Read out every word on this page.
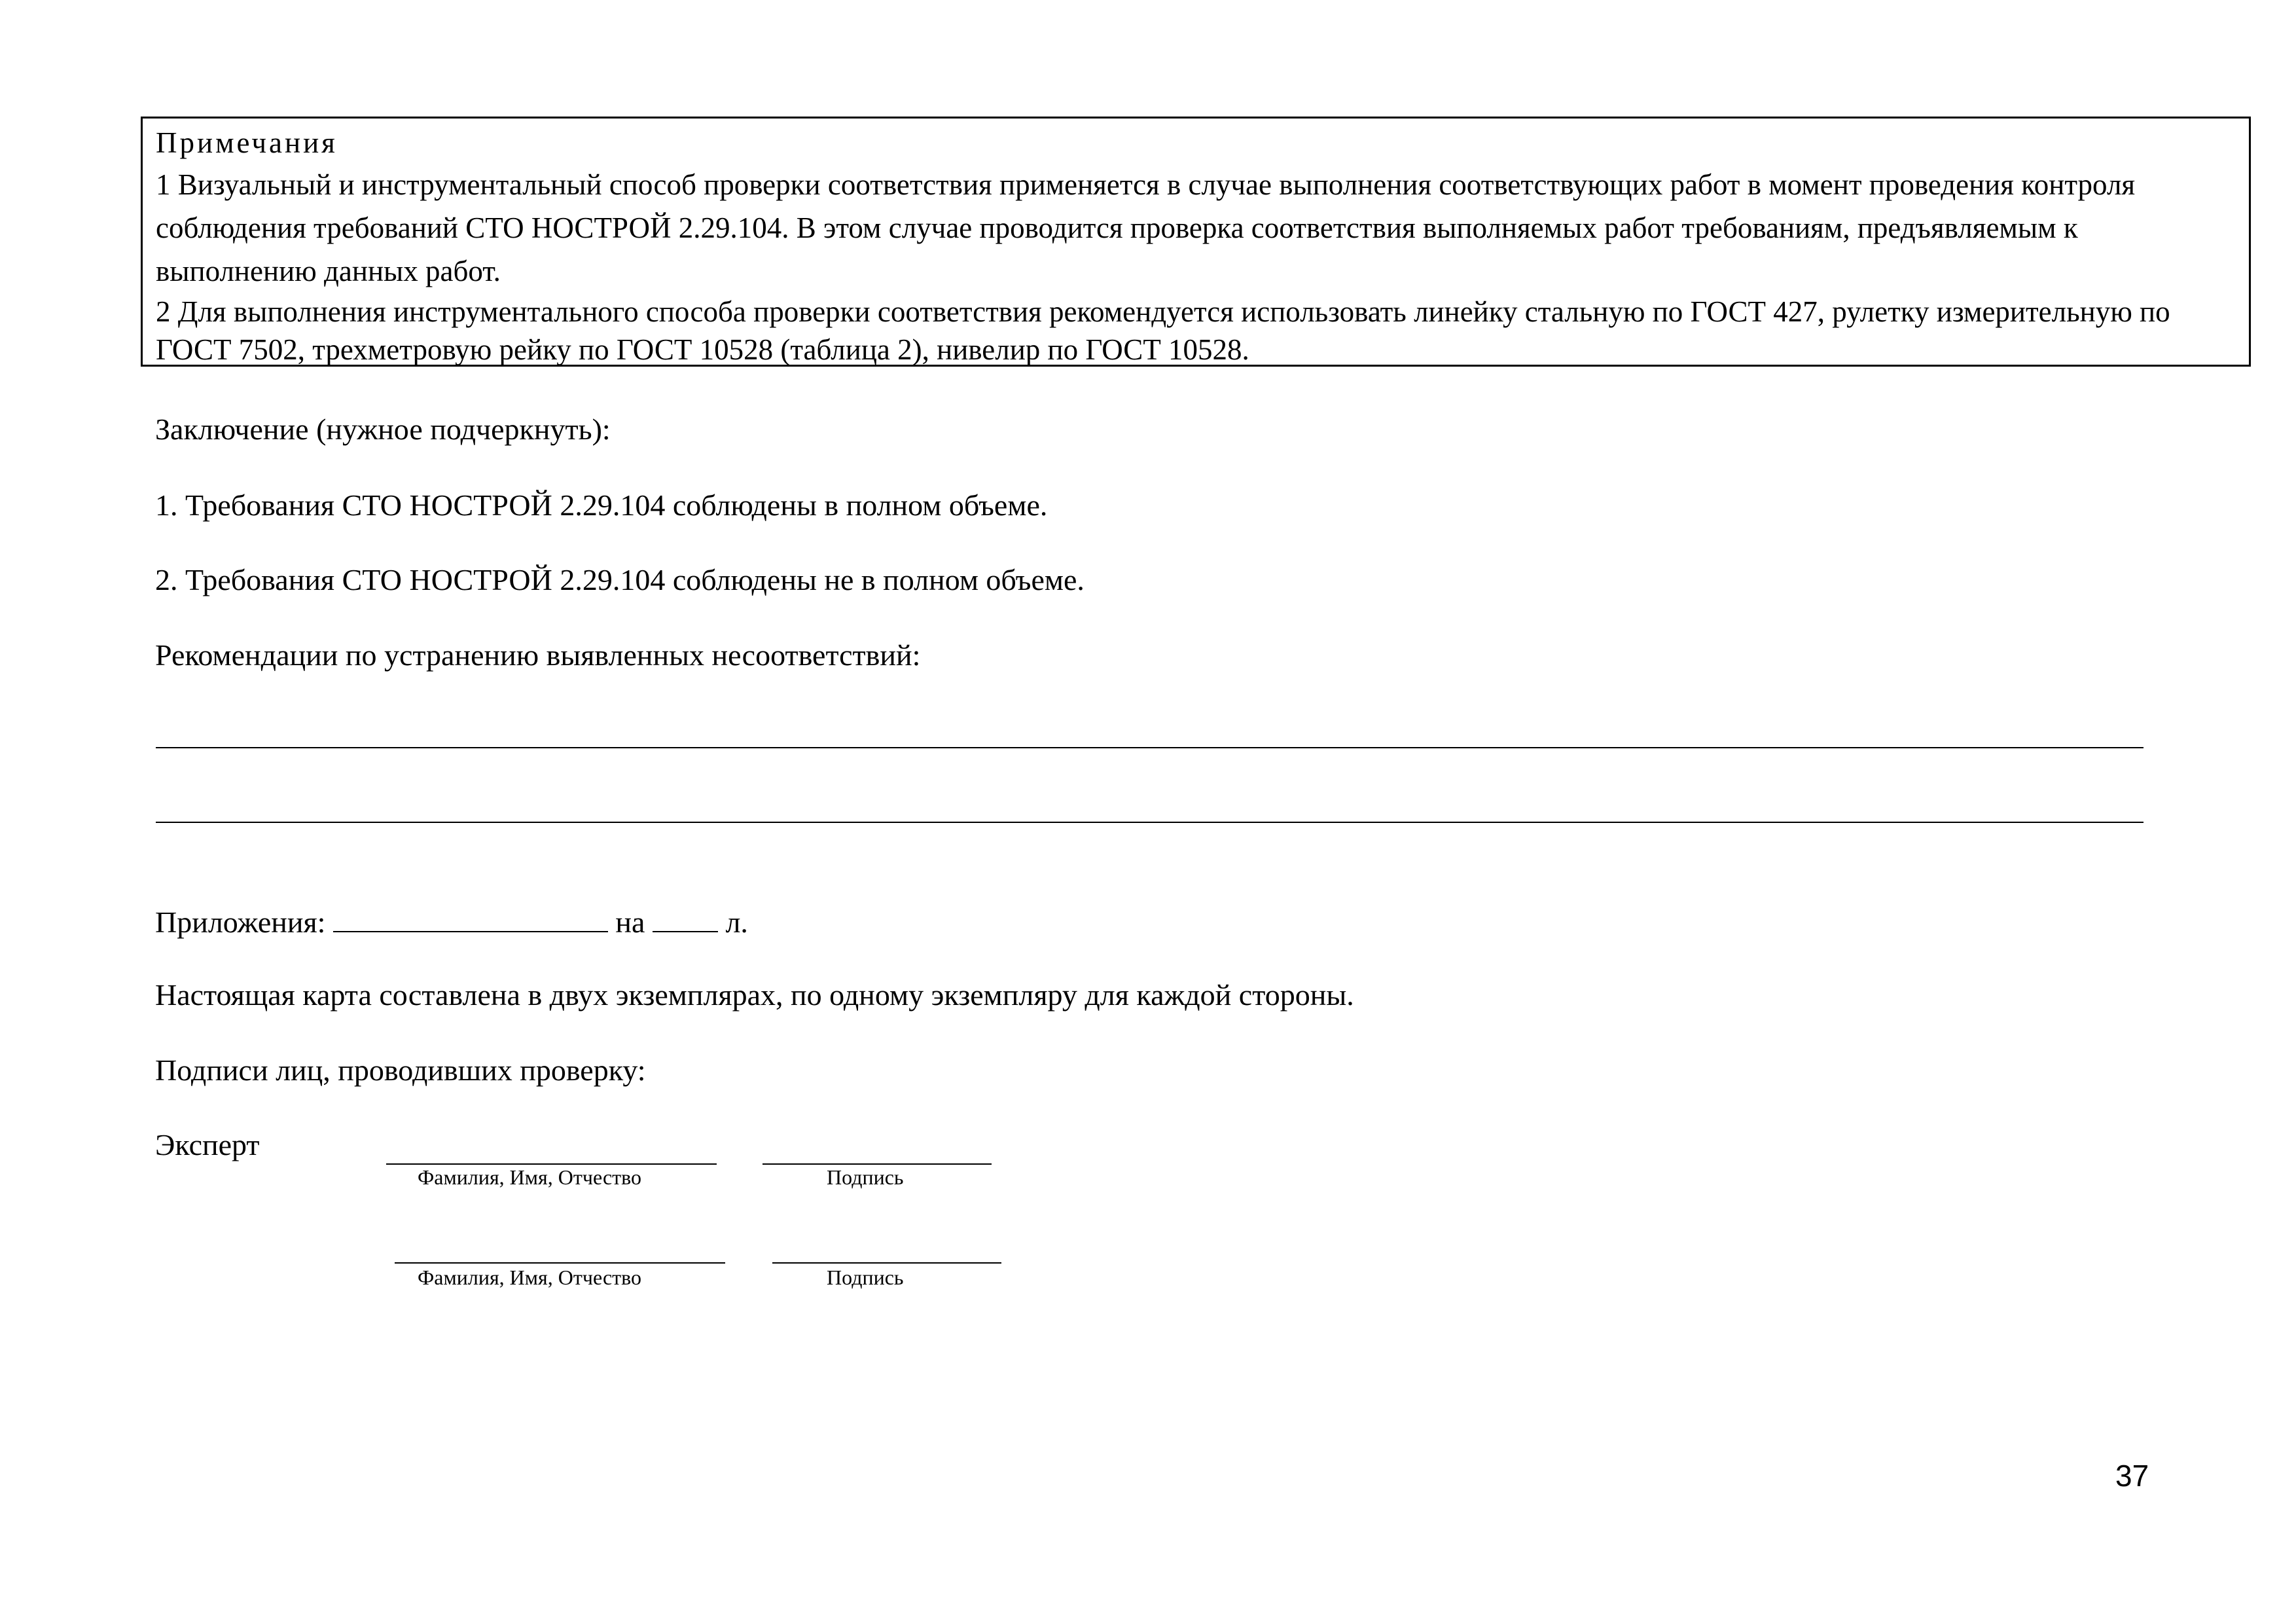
Примечания

1 Визуальный и инструментальный способ проверки соответствия применяется в случае выполнения соответствующих работ в момент проведения контроля соблюдения требований СТО НОСТРОЙ 2.29.104. В этом случае проводится проверка соответствия выполняемых работ требованиям, предъявляемым к выполнению данных работ.

2 Для выполнения инструментального способа проверки соответствия рекомендуется использовать линейку стальную по ГОСТ 427, рулетку измерительную по ГОСТ 7502, трехметровую рейку по ГОСТ 10528 (таблица 2), нивелир по ГОСТ 10528.

Заключение (нужное подчеркнуть):
1. Требования СТО НОСТРОЙ 2.29.104 соблюдены в полном объеме.
2. Требования СТО НОСТРОЙ 2.29.104 соблюдены не в полном объеме.
Рекомендации по устранению выявленных несоответствий:
Приложения:	на	л.
Настоящая карта составлена в двух экземплярах, по одному экземпляру для каждой стороны.
Подписи лиц, проводивших проверку:
Эксперт
Фамилия, Имя, Отчество	Подпись
Фамилия, Имя, Отчество	Подпись
37
